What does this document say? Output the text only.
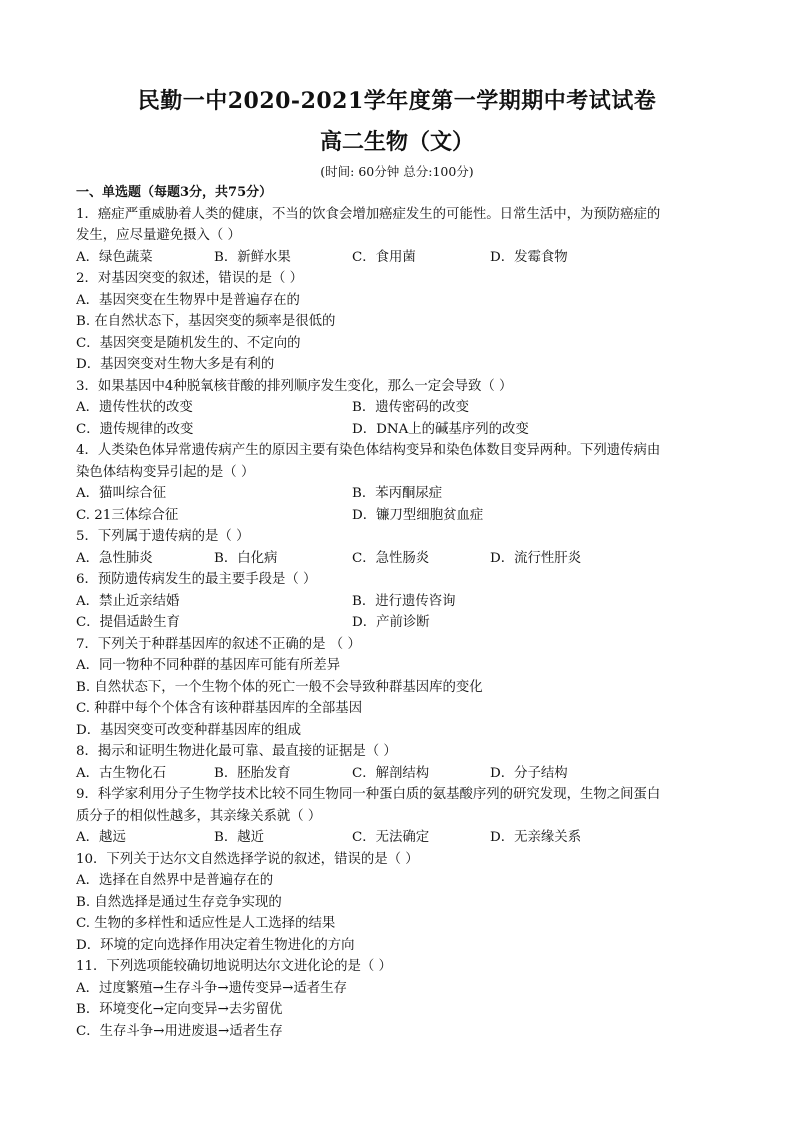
民勤一中2020-2021学年度第一学期期中考试试卷
高二生物（文）
(时间: 60分钟 总分:100分)
一、单选题（每题3分，共75分）
1．癌症严重威胁着人类的健康，不当的饮食会增加癌症发生的可能性。日常生活中，为预防癌症的
发生，应尽量避免摄入（ ）
A．绿色蔬菜	B．新鲜水果	C．食用菌	D．发霉食物
2．对基因突变的叙述，错误的是（ ）
A．基因突变在生物界中是普遍存在的
B. 在自然状态下，基因突变的频率是很低的
C．基因突变是随机发生的、不定向的
D．基因突变对生物大多是有利的
3．如果基因中4种脱氧核苷酸的排列顺序发生变化，那么一定会导致（ ）
A．遗传性状的改变	B．遗传密码的改变
C．遗传规律的改变	D．DNA上的碱基序列的改变
4．人类染色体异常遗传病产生的原因主要有染色体结构变异和染色体数目变异两种。下列遗传病由
染色体结构变异引起的是（ ）
A．猫叫综合征	B．苯丙酮尿症
C. 21三体综合征	D．镰刀型细胞贫血症
5．下列属于遗传病的是（ ）
A．急性肺炎	B．白化病	C．急性肠炎	D．流行性肝炎
6．预防遗传病发生的最主要手段是（ ）
A．禁止近亲结婚	B．进行遗传咨询
C．提倡适龄生育	D．产前诊断
7．下列关于种群基因库的叙述不正确的是 （ ）
A．同一物种不同种群的基因库可能有所差异
B. 自然状态下，一个生物个体的死亡一般不会导致种群基因库的变化
C. 种群中每个个体含有该种群基因库的全部基因
D．基因突变可改变种群基因库的组成
8．揭示和证明生物进化最可靠、最直接的证据是（ ）
A．古生物化石	B．胚胎发育	C．解剖结构	D．分子结构
9．科学家利用分子生物学技术比较不同生物同一种蛋白质的氨基酸序列的研究发现，生物之间蛋白
质分子的相似性越多，其亲缘关系就（ ）
A．越远	B．越近	C．无法确定	D．无亲缘关系
10．下列关于达尔文自然选择学说的叙述，错误的是（ ）
A．选择在自然界中是普遍存在的
B. 自然选择是通过生存竞争实现的
C. 生物的多样性和适应性是人工选择的结果
D．环境的定向选择作用决定着生物进化的方向
11．下列选项能较确切地说明达尔文进化论的是（ ）
A．过度繁殖→生存斗争→遗传变异→适者生存
B．环境变化→定向变异→去劣留优
C．生存斗争→用进废退→适者生存
